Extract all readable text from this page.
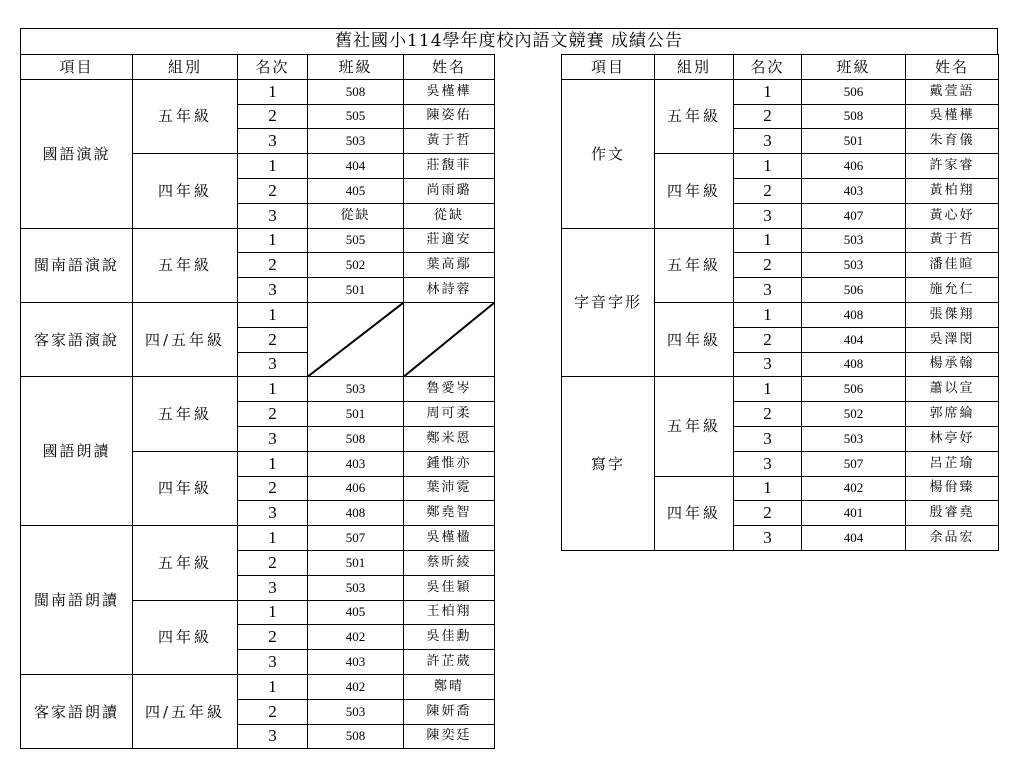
舊社國小114學年度校內語文競賽 成績公告
項目	組別	名次	班級	姓名
國語演說	五年級	1	508	吳槿樺
		2	505	陳姿佑
		3	503	黃于哲
	四年級	1	404	莊馥菲
		2	405	尚雨璐
		3	從缺	從缺
閩南語演說	五年級	1	505	莊適安
		2	502	葉高鄢
		3	501	林詩蓉
客家語演說	四/五年級	1	

		2		
		3		
國語朗讀	五年級	1	503	魯愛岑
		2	501	周可柔
		3	508	鄭米恩
	四年級	1	403	鍾惟亦
		2	406	葉沛霓
		3	408	鄭堯智
閩南語朗讀	五年級	1	507	吳槿楹
		2	501	蔡昕綾
		3	503	吳佳穎
	四年級	1	405	王柏翔
		2	402	吳佳勳
		3	403	許芷葳
客家語朗讀	四/五年級	1	402	鄭晴
		2	503	陳妍喬
		3	508	陳奕廷
項目	組別	名次	班級	姓名
作文	五年級	1	506	戴萱語
		2	508	吳槿樺
		3	501	朱育儀
	四年級	1	406	許家睿
		2	403	黃柏翔
		3	407	黃心妤
字音字形	五年級	1	503	黃于哲
		2	503	潘佳暄
		3	506	施允仁
	四年級	1	408	張傑翔
		2	404	吳澤閔
		3	408	楊承翰
寫字	五年級	1	506	蕭以宣
		2	502	郭席綸
		3	503	林亭妤
		3	507	呂芷瑜
	四年級	1	402	楊佾臻
		2	401	殷睿堯
		3	404	余品宏
